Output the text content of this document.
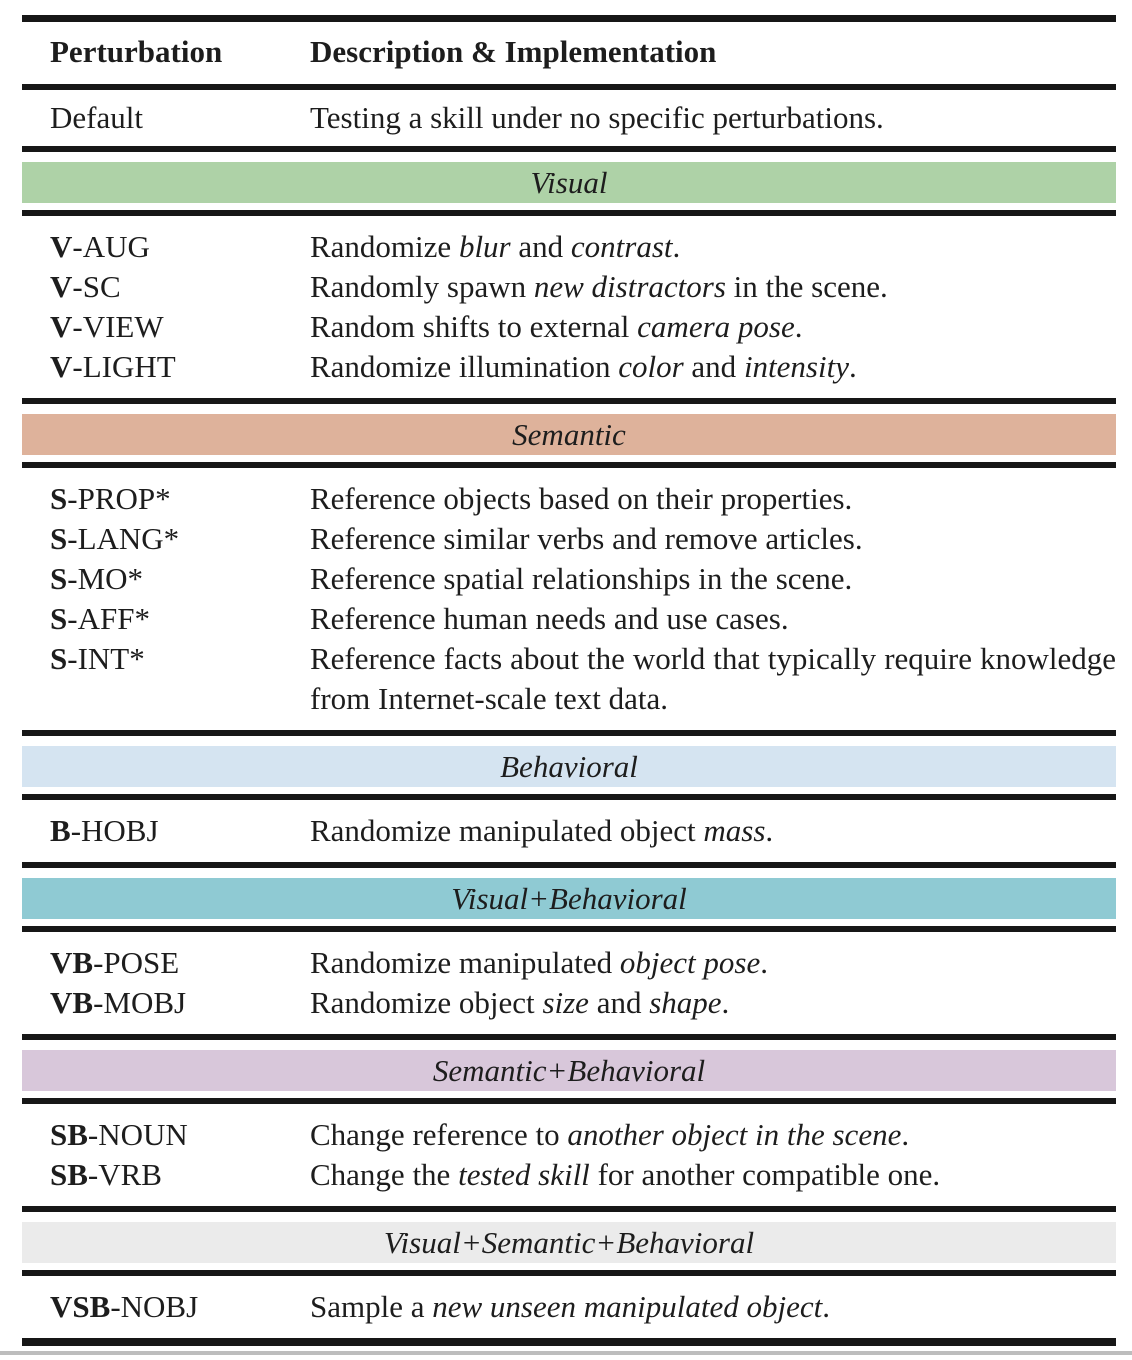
Perturbation	Description & Implementation
Default	Testing a skill under no specific perturbations.
Visual
V-AUG	Randomize blur and contrast.
V-SC	Randomly spawn new distractors in the scene.
V-VIEW	Random shifts to external camera pose.
V-LIGHT	Randomize illumination color and intensity.
Semantic
S-PROP*	Reference objects based on their properties.
S-LANG*	Reference similar verbs and remove articles.
S-MO*	Reference spatial relationships in the scene.
S-AFF*	Reference human needs and use cases.
S-INT*	Reference facts about the world that typically require knowledge from Internet-scale text data.
Behavioral
B-HOBJ	Randomize manipulated object mass.
Visual+Behavioral
VB-POSE	Randomize manipulated object pose.
VB-MOBJ	Randomize object size and shape.
Semantic+Behavioral
SB-NOUN	Change reference to another object in the scene.
SB-VRB	Change the tested skill for another compatible one.
Visual+Semantic+Behavioral
VSB-NOBJ	Sample a new unseen manipulated object.
